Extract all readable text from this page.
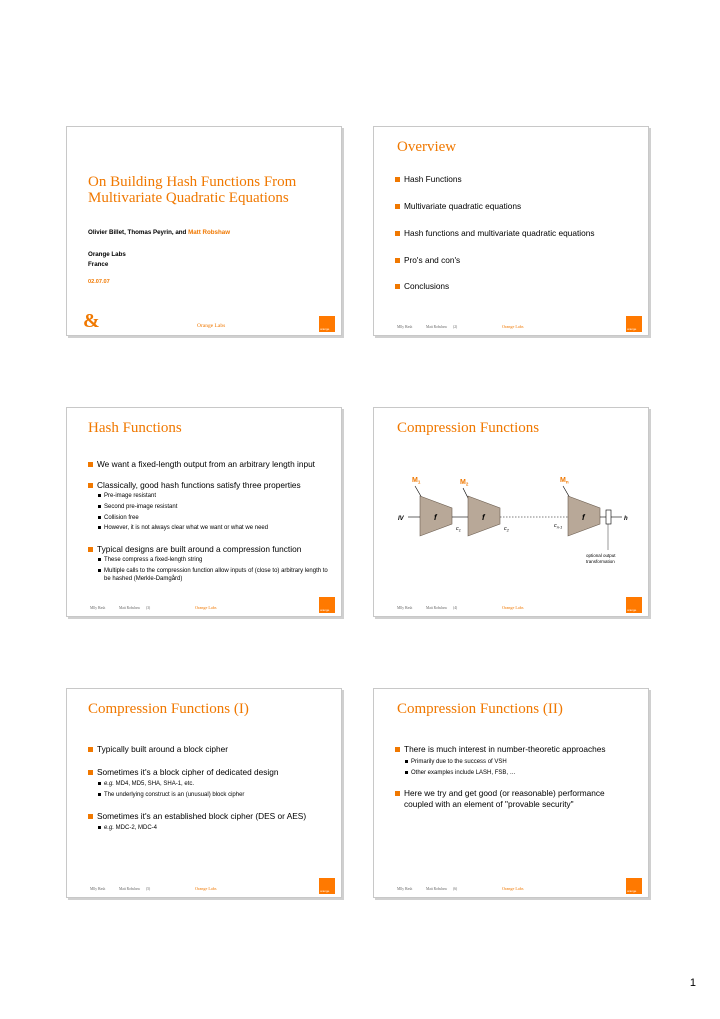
On Building Hash Functions From Multivariate Quadratic Equations
Olivier Billet, Thomas Peyrin, and Matt Robshaw
Orange Labs
France
02.07.07
&	Orange Labs	orange
Overview
Hash Functions
Multivariate quadratic equations
Hash functions and multivariate quadratic equations
Pro's and con's
Conclusions
Mlly Hash	Matt Robshaw (2)	Orange Labs	orange
Hash Functions
We want a fixed-length output from an arbitrary length input
Classically, good hash functions satisfy three properties
Pre-image resistant
Second pre-image resistant
Collision free
However, it is not always clear what we want or what we need
Typical designs are built around a compression function
These compress a fixed-length string
Multiple calls to the compression function allow inputs of (close to) arbitrary length to be hashed (Merkle-Damgård)
Mlly Hash	Matt Robshaw (3)	Orange Labs	orange
Compression Functions
$M_1$	$M_2$	$M_n$
f	f	f
IV	h
$c_1$	$c_2$
$c_{n-1}$
optional output
transformation
Mlly Hash	Matt Robshaw (4)	Orange Labs	orange
Compression Functions (I)
Typically built around a block cipher
Sometimes it's a block cipher of dedicated design
e.g. MD4, MD5, SHA, SHA-1, etc.
The underlying construct is an (unusual) block cipher
Sometimes it's an established block cipher (DES or AES)
e.g. MDC-2, MDC-4
Mlly Hash	Matt Robshaw (5)	Orange Labs	orange
Compression Functions (II)
There is much interest in number-theoretic approaches
Primarily due to the success of VSH
Other examples include LASH, FSB, …
Here we try and get good (or reasonable) performance coupled with an element of "provable security"
Mlly Hash	Matt Robshaw (6)	Orange Labs	orange
1
